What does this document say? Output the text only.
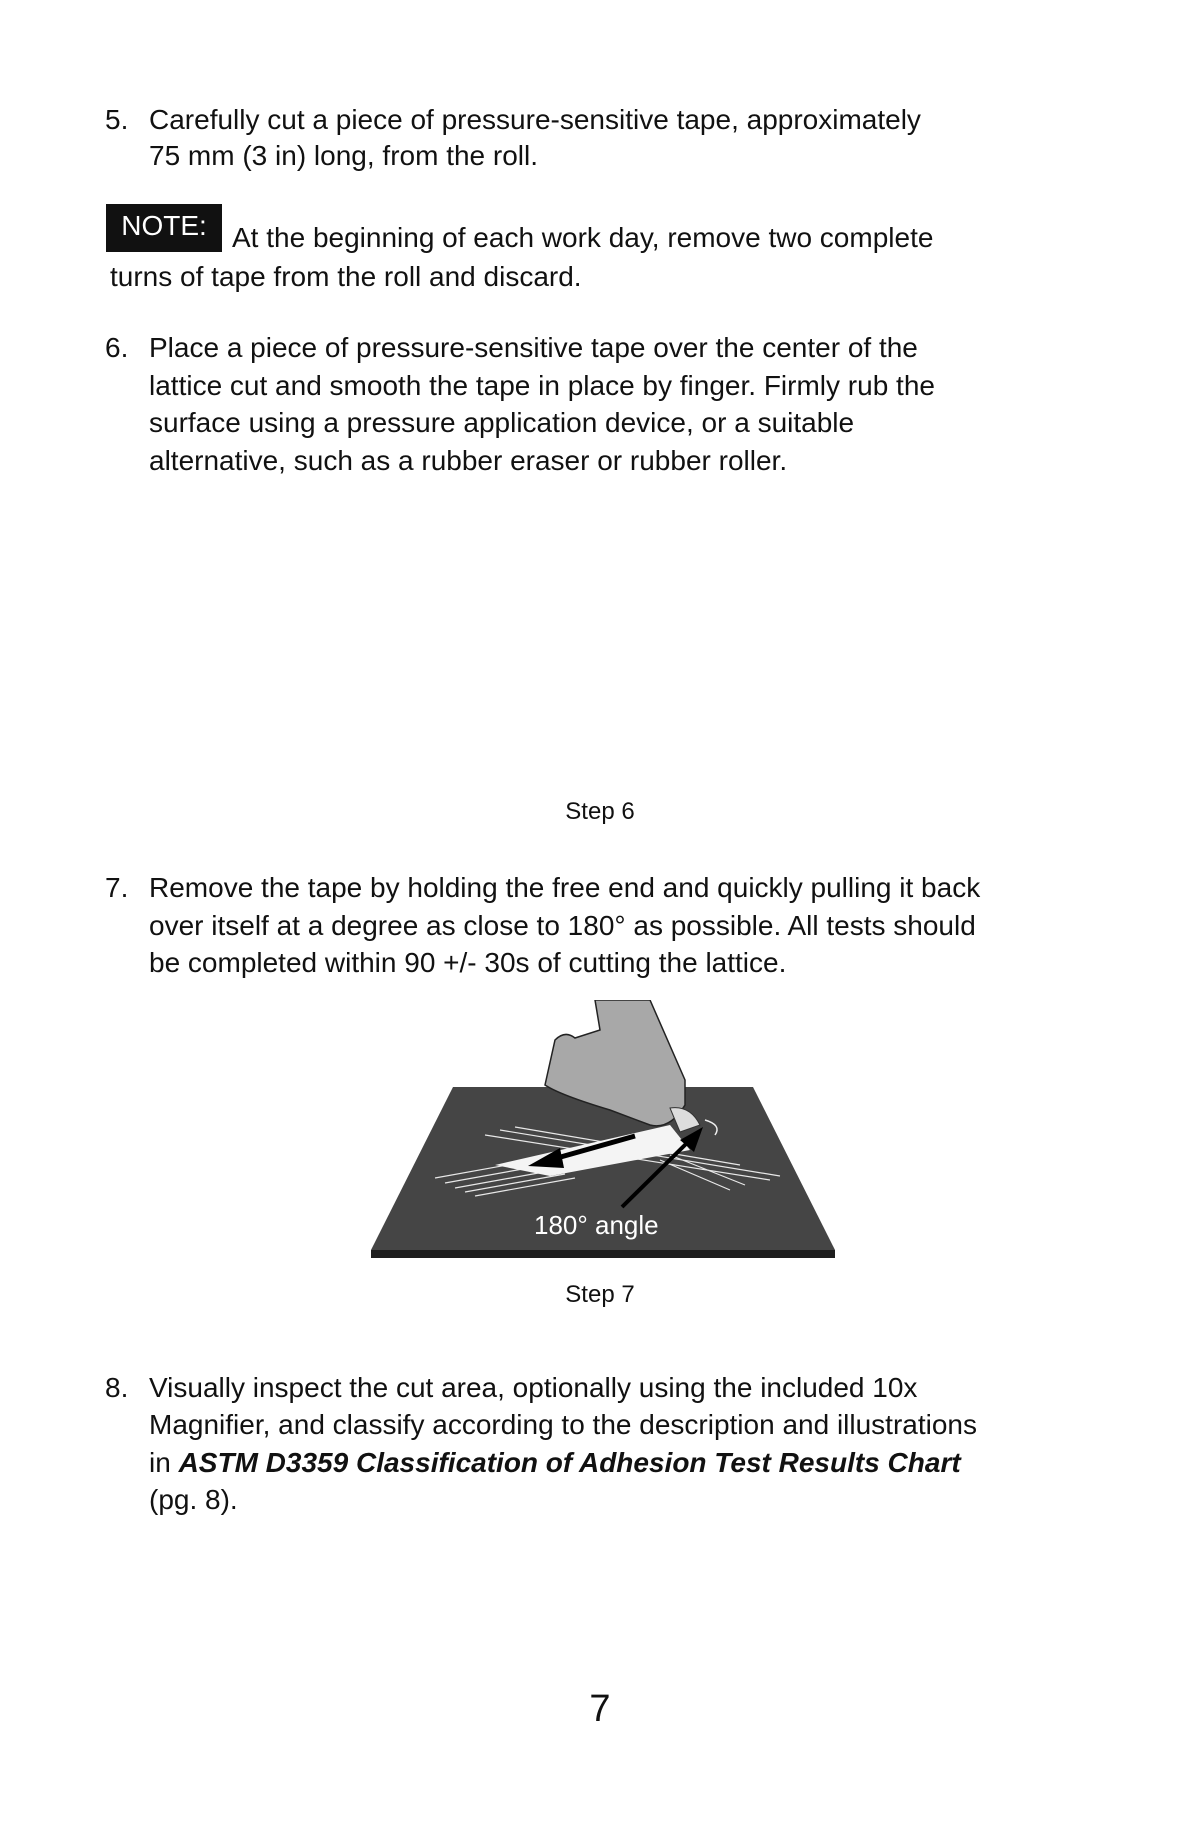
5. Carefully cut a piece of pressure-sensitive tape, approximately
75 mm (3 in) long, from the roll.
NOTE: At the beginning of each work day, remove two complete
turns of tape from the roll and discard.
6. Place a piece of pressure-sensitive tape over the center of the
lattice cut and smooth the tape in place by finger. Firmly rub the
surface using a pressure application device, or a suitable
alternative, such as a rubber eraser or rubber roller.
Step 6
7. Remove the tape by holding the free end and quickly pulling it back
over itself at a degree as close to 180° as possible. All tests should
be completed within 90 +/- 30s of cutting the lattice.
180° angle
Step 7
8. Visually inspect the cut area, optionally using the included 10x
Magnifier, and classify according to the description and illustrations
in ASTM D3359 Classification of Adhesion Test Results Chart
(pg. 8).
7
